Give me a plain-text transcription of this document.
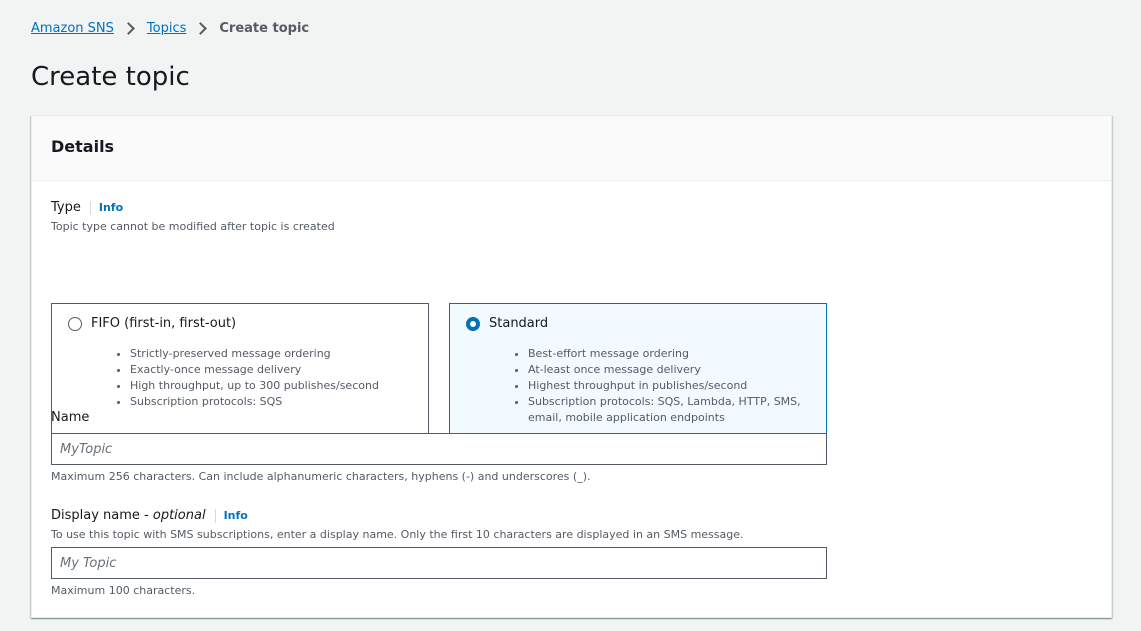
Amazon SNS	Topics	Create topic
Create topic
Details
Type Info
Topic type cannot be modified after topic is created
FIFO (first-in, first-out)
• Strictly-preserved message ordering
• Exactly-once message delivery
• High throughput, up to 300 publishes/second
• Subscription protocols: SQS
Standard
• Best-effort message ordering
• At-least once message delivery
• Highest throughput in publishes/second
• Subscription protocols: SQS, Lambda, HTTP, SMS, email, mobile application endpoints
Name
MyTopic
Maximum 256 characters. Can include alphanumeric characters, hyphens (-) and underscores (_).
Display name - optional Info
To use this topic with SMS subscriptions, enter a display name. Only the first 10 characters are displayed in an SMS message.
My Topic
Maximum 100 characters.
